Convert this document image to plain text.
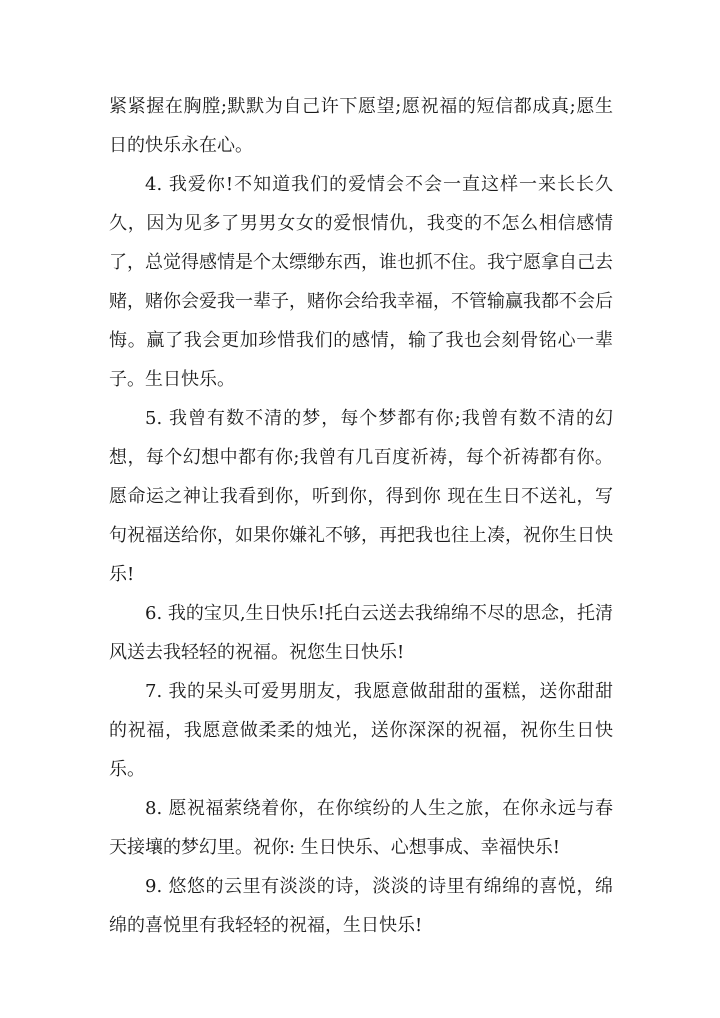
紧紧握在胸膛;默默为自己许下愿望;愿祝福的短信都成真;愿生日的快乐永在心。

4. 我爱你!不知道我们的爱情会不会一直这样一来长长久久，因为见多了男男女女的爱恨情仇，我变的不怎么相信感情了，总觉得感情是个太缥缈东西，谁也抓不住。我宁愿拿自己去赌，赌你会爱我一辈子，赌你会给我幸福，不管输赢我都不会后悔。赢了我会更加珍惜我们的感情，输了我也会刻骨铭心一辈子。生日快乐。

5. 我曾有数不清的梦，每个梦都有你;我曾有数不清的幻想，每个幻想中都有你;我曾有几百度祈祷，每个祈祷都有你。愿命运之神让我看到你，听到你，得到你 现在生日不送礼，写句祝福送给你，如果你嫌礼不够，再把我也往上凑，祝你生日快乐!

6. 我的宝贝,生日快乐!托白云送去我绵绵不尽的思念，托清风送去我轻轻的祝福。祝您生日快乐!

7. 我的呆头可爱男朋友，我愿意做甜甜的蛋糕，送你甜甜的祝福，我愿意做柔柔的烛光，送你深深的祝福，祝你生日快乐。

8. 愿祝福萦绕着你，在你缤纷的人生之旅，在你永远与春天接壤的梦幻里。祝你: 生日快乐、心想事成、幸福快乐!

9. 悠悠的云里有淡淡的诗，淡淡的诗里有绵绵的喜悦，绵绵的喜悦里有我轻轻的祝福，生日快乐!
